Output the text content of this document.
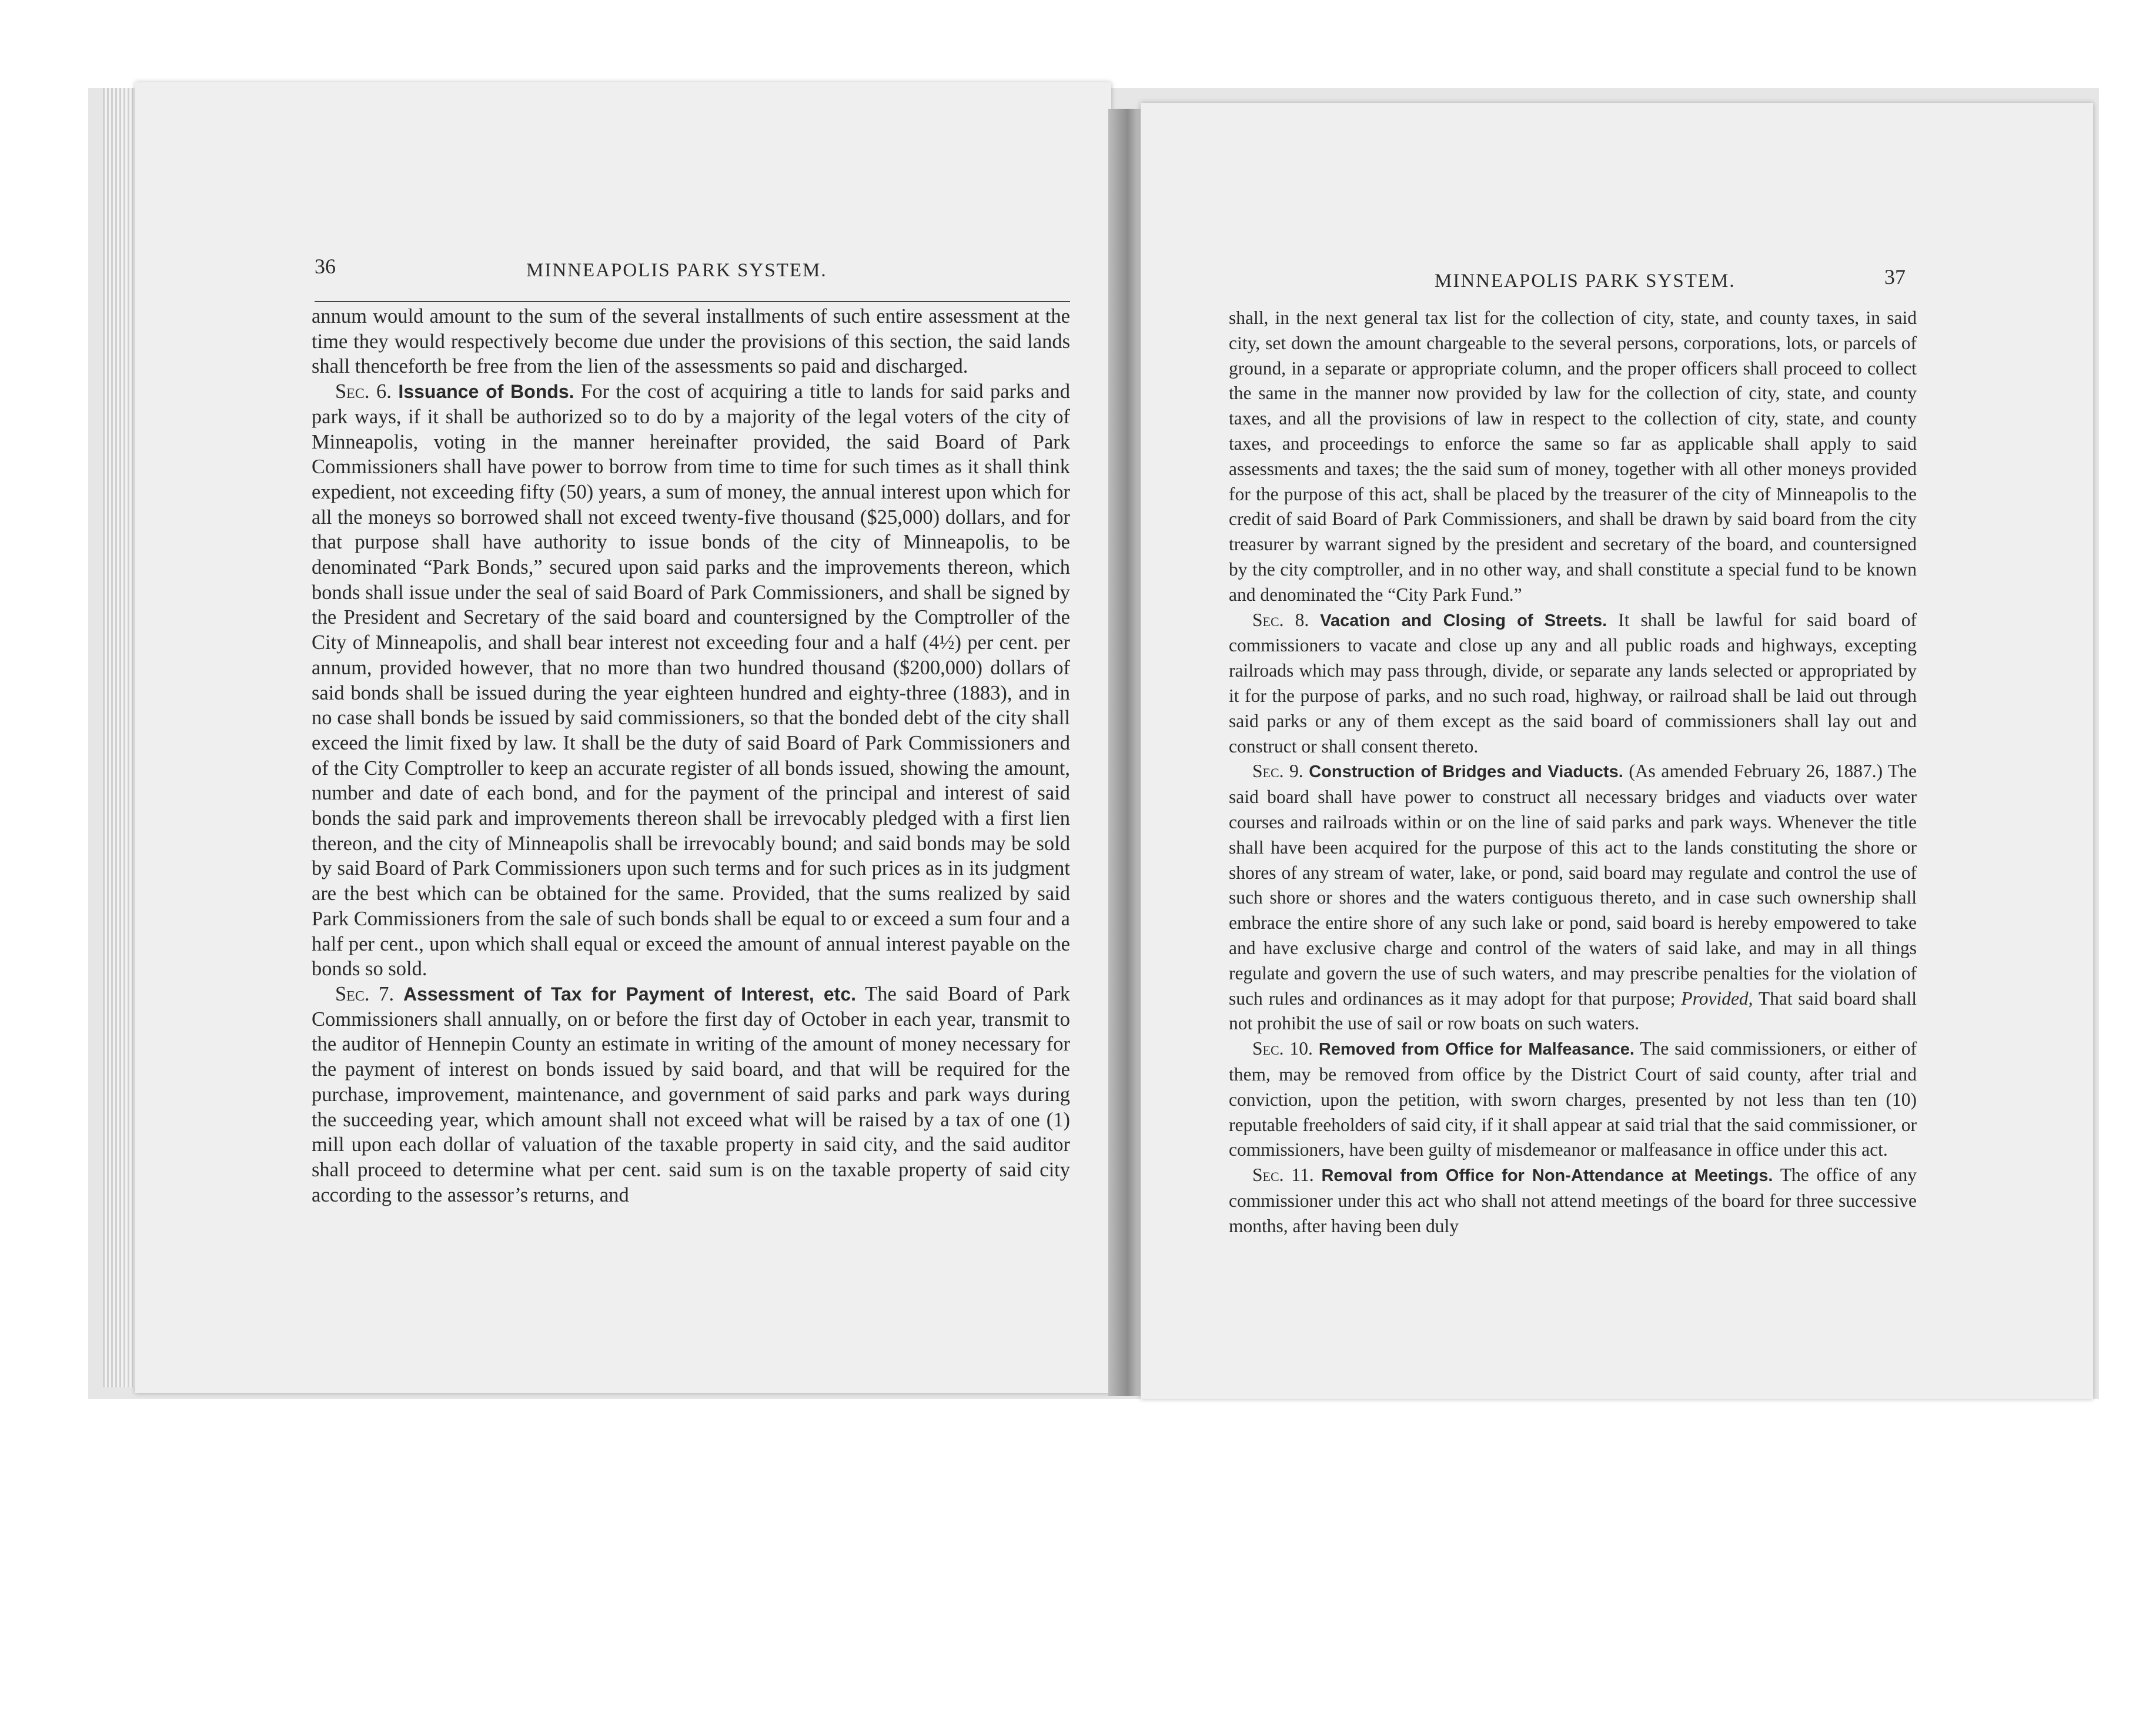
36	MINNEAPOLIS PARK SYSTEM.

annum would amount to the sum of the several installments of such entire assessment at the time they would respectively become due under the provisions of this section, the said lands shall thenceforth be free from the lien of the assessments so paid and discharged.

Sec. 6. Issuance of Bonds. For the cost of acquiring a title to lands for said parks and park ways, if it shall be authorized so to do by a majority of the legal voters of the city of Minneapolis, voting in the manner hereinafter provided, the said Board of Park Commissioners shall have power to borrow from time to time for such times as it shall think expedient, not exceeding fifty (50) years, a sum of money, the annual interest upon which for all the moneys so borrowed shall not exceed twenty-five thousand ($25,000) dollars, and for that purpose shall have authority to issue bonds of the city of Minneapolis, to be denominated “Park Bonds,” secured upon said parks and the improvements thereon, which bonds shall issue under the seal of said Board of Park Commissioners, and shall be signed by the President and Secretary of the said board and countersigned by the Comptroller of the City of Minneapolis, and shall bear interest not exceeding four and a half (4½) per cent. per annum, provided however, that no more than two hundred thousand ($200,000) dollars of said bonds shall be issued during the year eighteen hundred and eighty-three (1883), and in no case shall bonds be issued by said commissioners, so that the bonded debt of the city shall exceed the limit fixed by law. It shall be the duty of said Board of Park Commissioners and of the City Comptroller to keep an accurate register of all bonds issued, showing the amount, number and date of each bond, and for the payment of the principal and interest of said bonds the said park and improvements thereon shall be irrevocably pledged with a first lien thereon, and the city of Minneapolis shall be irrevocably bound; and said bonds may be sold by said Board of Park Commissioners upon such terms and for such prices as in its judgment are the best which can be obtained for the same. Provided, that the sums realized by said Park Commissioners from the sale of such bonds shall be equal to or exceed a sum four and a half per cent., upon which shall equal or exceed the amount of annual interest payable on the bonds so sold.

Sec. 7. Assessment of Tax for Payment of Interest, etc. The said Board of Park Commissioners shall annually, on or before the first day of October in each year, transmit to the auditor of Hennepin County an estimate in writing of the amount of money necessary for the payment of interest on bonds issued by said board, and that will be required for the purchase, improvement, maintenance, and government of said parks and park ways during the succeeding year, which amount shall not exceed what will be raised by a tax of one (1) mill upon each dollar of valuation of the taxable property in said city, and the said auditor shall proceed to determine what per cent. said sum is on the taxable property of said city according to the assessor’s returns, and

MINNEAPOLIS PARK SYSTEM.	37

shall, in the next general tax list for the collection of city, state, and county taxes, in said city, set down the amount chargeable to the several persons, corporations, lots, or parcels of ground, in a separate or appropriate column, and the proper officers shall proceed to collect the same in the manner now provided by law for the collection of city, state, and county taxes, and all the provisions of law in respect to the collection of city, state, and county taxes, and proceedings to enforce the same so far as applicable shall apply to said assessments and taxes; the the said sum of money, together with all other moneys provided for the purpose of this act, shall be placed by the treasurer of the city of Minneapolis to the credit of said Board of Park Commissioners, and shall be drawn by said board from the city treasurer by warrant signed by the president and secretary of the board, and countersigned by the city comptroller, and in no other way, and shall constitute a special fund to be known and denominated the “City Park Fund.”

Sec. 8. Vacation and Closing of Streets. It shall be lawful for said board of commissioners to vacate and close up any and all public roads and highways, excepting railroads which may pass through, divide, or separate any lands selected or appropriated by it for the purpose of parks, and no such road, highway, or railroad shall be laid out through said parks or any of them except as the said board of commissioners shall lay out and construct or shall consent thereto.

Sec. 9. Construction of Bridges and Viaducts. (As amended February 26, 1887.) The said board shall have power to construct all necessary bridges and viaducts over water courses and railroads within or on the line of said parks and park ways. Whenever the title shall have been acquired for the purpose of this act to the lands constituting the shore or shores of any stream of water, lake, or pond, said board may regulate and control the use of such shore or shores and the waters contiguous thereto, and in case such ownership shall embrace the entire shore of any such lake or pond, said board is hereby empowered to take and have exclusive charge and control of the waters of said lake, and may in all things regulate and govern the use of such waters, and may prescribe penalties for the violation of such rules and ordinances as it may adopt for that purpose; Provided, That said board shall not prohibit the use of sail or row boats on such waters.

Sec. 10. Removed from Office for Malfeasance. The said commissioners, or either of them, may be removed from office by the District Court of said county, after trial and conviction, upon the petition, with sworn charges, presented by not less than ten (10) reputable freeholders of said city, if it shall appear at said trial that the said commissioner, or commissioners, have been guilty of misdemeanor or malfeasance in office under this act.

Sec. 11. Removal from Office for Non-Attendance at Meetings. The office of any commissioner under this act who shall not attend meetings of the board for three successive months, after having been duly
